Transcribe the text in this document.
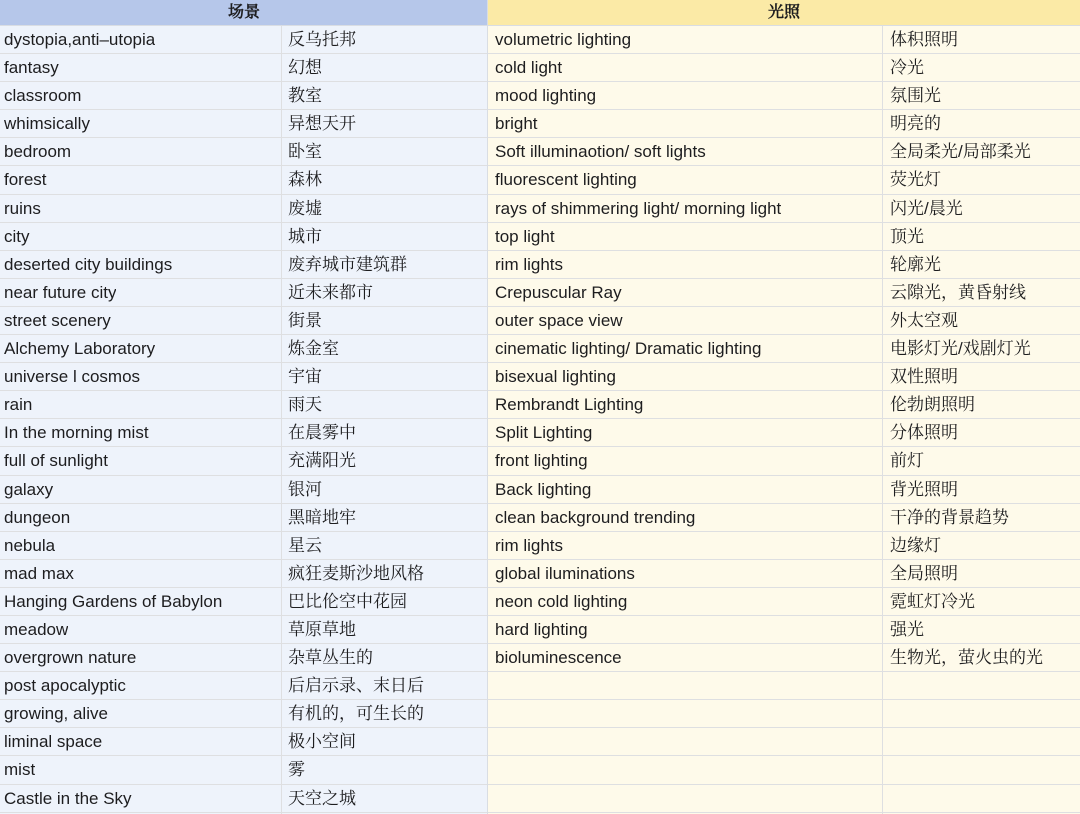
场景
dystopia,anti–utopia	反乌托邦
fantasy	幻想
classroom	教室
whimsically	异想天开
bedroom	卧室
forest	森林
ruins	废墟
city	城市
deserted city buildings	废弃城市建筑群
near future city	近未来都市
street scenery	街景
Alchemy Laboratory	炼金室
universe l cosmos	宇宙
rain	雨天
In the morning mist	在晨雾中
full of sunlight	充满阳光
galaxy	银河
dungeon	黑暗地牢
nebula	星云
mad max	疯狂麦斯沙地风格
Hanging Gardens of Babylon	巴比伦空中花园
meadow	草原草地
overgrown nature	杂草丛生的
post apocalyptic	后启示录、末日后
growing, alive	有机的，可生长的
liminal space	极小空间
mist	雾
Castle in the Sky	天空之城
光照
volumetric lighting	体积照明
cold light	冷光
mood lighting	氛围光
bright	明亮的
Soft illuminaotion/ soft lights	全局柔光/局部柔光
fluorescent lighting	荧光灯
rays of shimmering light/ morning light	闪光/晨光
top light	顶光
rim lights	轮廓光
Crepuscular Ray	云隙光，黄昏射线
outer space view	外太空观
cinematic lighting/ Dramatic lighting	电影灯光/戏剧灯光
bisexual lighting	双性照明
Rembrandt Lighting	伦勃朗照明
Split Lighting	分体照明
front lighting	前灯
Back lighting	背光照明
clean background trending	干净的背景趋势
rim lights	边缘灯
global iluminations	全局照明
neon cold lighting	霓虹灯冷光
hard lighting	强光
bioluminescence	生物光，萤火虫的光
